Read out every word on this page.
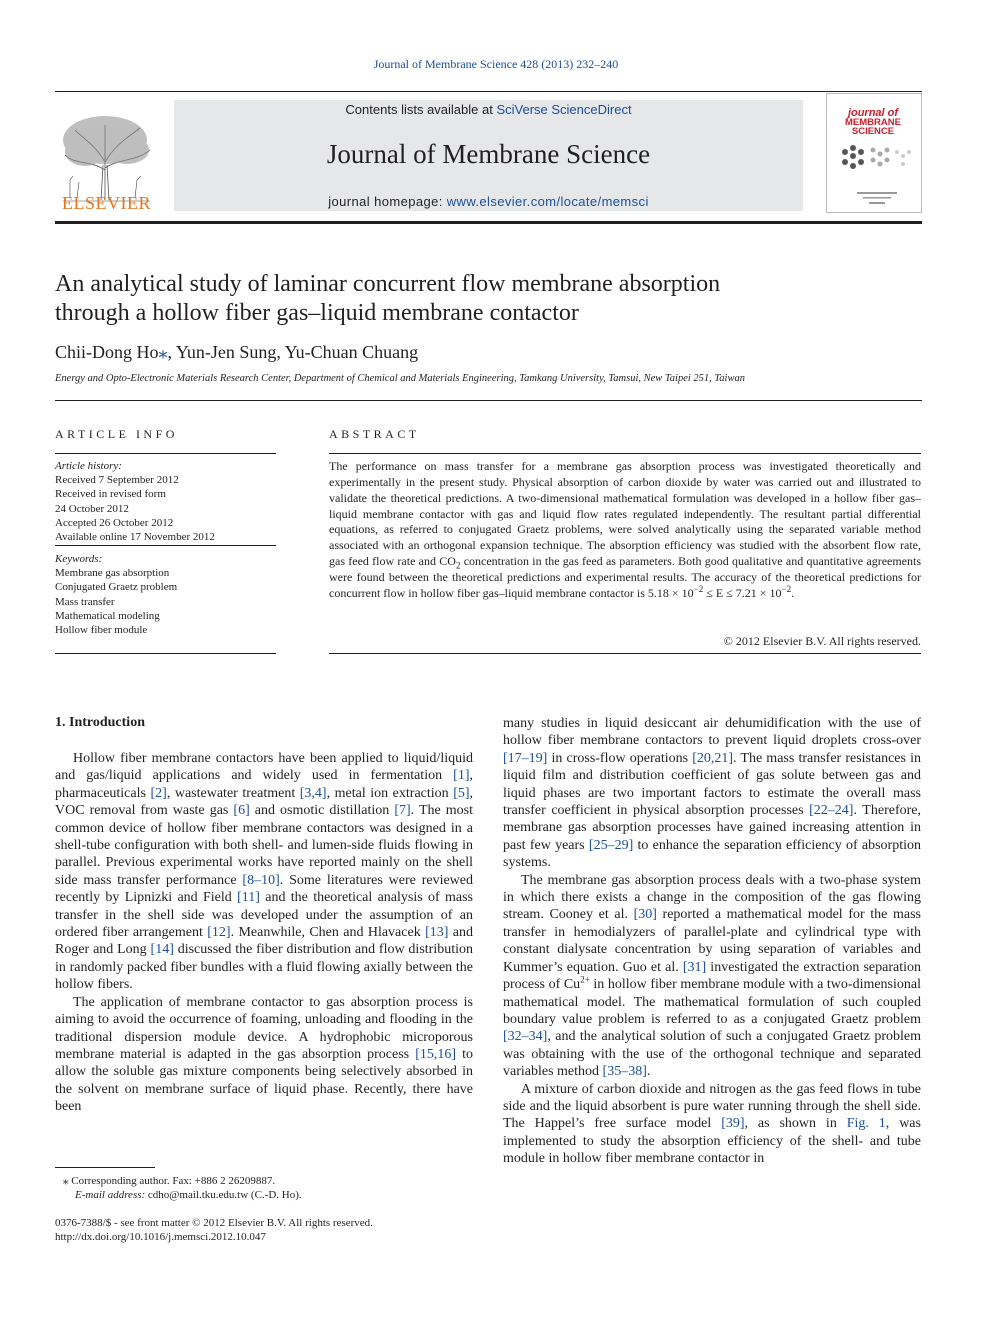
Journal of Membrane Science 428 (2013) 232–240
ELSEVIER
Contents lists available at SciVerse ScienceDirect
Journal of Membrane Science
journal homepage: www.elsevier.com/locate/memsci
journal of
MEMBRANE
SCIENCE
An analytical study of laminar concurrent flow membrane absorption
through a hollow fiber gas–liquid membrane contactor
Chii-Dong Ho⁎, Yun-Jen Sung, Yu-Chuan Chuang
Energy and Opto-Electronic Materials Research Center, Department of Chemical and Materials Engineering, Tamkang University, Tamsui, New Taipei 251, Taiwan
ARTICLE INFO	ABSTRACT
Article history:
Received 7 September 2012
Received in revised form
24 October 2012
Accepted 26 October 2012
Available online 17 November 2012
Keywords:
Membrane gas absorption
Conjugated Graetz problem
Mass transfer
Mathematical modeling
Hollow fiber module
The performance on mass transfer for a membrane gas absorption process was investigated theoretically and experimentally in the present study. Physical absorption of carbon dioxide by water was carried out and illustrated to validate the theoretical predictions. A two-dimensional mathematical formulation was developed in a hollow fiber gas–liquid membrane contactor with gas and liquid flow rates regulated independently. The resultant partial differential equations, as referred to conjugated Graetz problems, were solved analytically using the separated variable method associated with an orthogonal expansion technique. The absorption efficiency was studied with the absorbent flow rate, gas feed flow rate and $CO_2$ concentration in the gas feed as parameters. Both good qualitative and quantitative agreements were found between the theoretical predictions and experimental results. The accuracy of the theoretical predictions for concurrent flow in hollow fiber gas–liquid membrane contactor is $5.18 \times 10^{-2} \le E \le 7.21 \times 10^{-2}$.
© 2012 Elsevier B.V. All rights reserved.
1. Introduction

Hollow fiber membrane contactors have been applied to liquid/liquid and gas/liquid applications and widely used in fermentation [1], pharmaceuticals [2], wastewater treatment [3,4], metal ion extraction [5], VOC removal from waste gas [6] and osmotic distillation [7]. The most common device of hollow fiber membrane contactors was designed in a shell-tube configuration with both shell- and lumen-side fluids flowing in parallel. Previous experimental works have reported mainly on the shell side mass transfer performance [8–10]. Some literatures were reviewed recently by Lipnizki and Field [11] and the theoretical analysis of mass transfer in the shell side was developed under the assumption of an ordered fiber arrangement [12]. Meanwhile, Chen and Hlavacek [13] and Roger and Long [14] discussed the fiber distribution and flow distribution in randomly packed fiber bundles with a fluid flowing axially between the hollow fibers.

The application of membrane contactor to gas absorption process is aiming to avoid the occurrence of foaming, unloading and flooding in the traditional dispersion module device. A hydrophobic microporous membrane material is adapted in the gas absorption process [15,16] to allow the soluble gas mixture components being selectively absorbed in the solvent on membrane surface of liquid phase. Recently, there have been

many studies in liquid desiccant air dehumidification with the use of hollow fiber membrane contactors to prevent liquid droplets cross-over [17–19] in cross-flow operations [20,21]. The mass transfer resistances in liquid film and distribution coefficient of gas solute between gas and liquid phases are two important factors to estimate the overall mass transfer coefficient in physical absorption processes [22–24]. Therefore, membrane gas absorption processes have gained increasing attention in past few years [25–29] to enhance the separation efficiency of absorption systems.

The membrane gas absorption process deals with a two-phase system in which there exists a change in the composition of the gas flowing stream. Cooney et al. [30] reported a mathematical model for the mass transfer in hemodialyzers of parallel-plate and cylindrical type with constant dialysate concentration by using separation of variables and Kummer’s equation. Guo et al. [31] investigated the extraction separation process of $Cu^{2+}$ in hollow fiber membrane module with a two-dimensional mathematical model. The mathematical formulation of such coupled boundary value problem is referred to as a conjugated Graetz problem [32–34], and the analytical solution of such a conjugated Graetz problem was obtaining with the use of the orthogonal technique and separated variables method [35–38].

A mixture of carbon dioxide and nitrogen as the gas feed flows in tube side and the liquid absorbent is pure water running through the shell side. The Happel’s free surface model [39], as shown in Fig. 1, was implemented to study the absorption efficiency of the shell- and tube module in hollow fiber membrane contactor in

⁎ Corresponding author. Fax: +886 2 26209887.
E-mail address: cdho@mail.tku.edu.tw (C.-D. Ho).
0376-7388/$ - see front matter © 2012 Elsevier B.V. All rights reserved.
http://dx.doi.org/10.1016/j.memsci.2012.10.047
